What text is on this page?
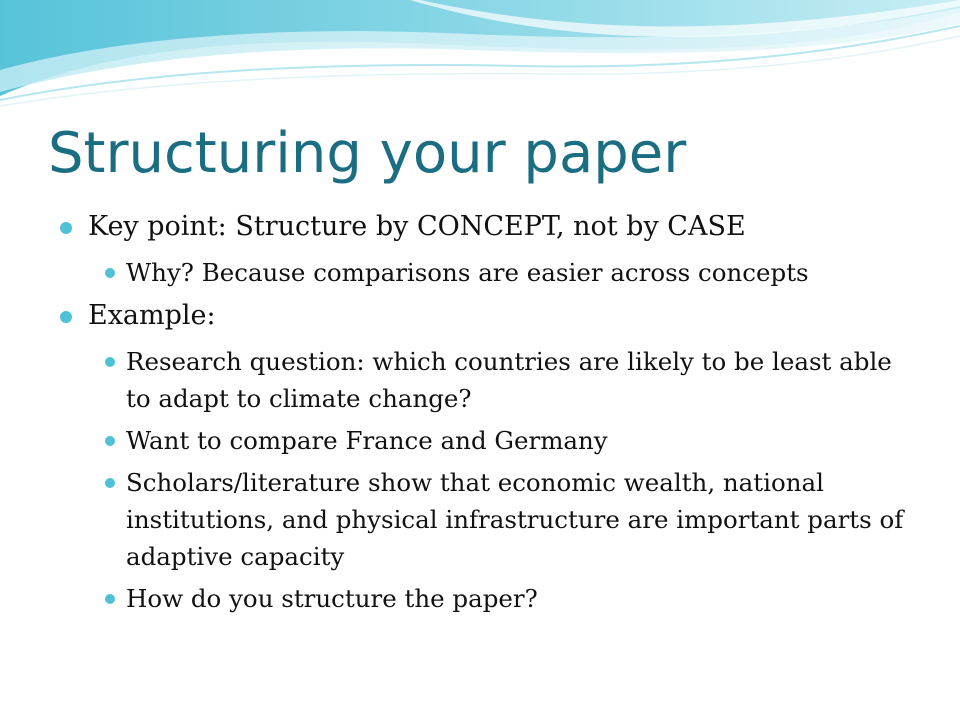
Structuring your paper
Key point: Structure by CONCEPT, not by CASE
Why? Because comparisons are easier across concepts
Example:
Research question: which countries are likely to be least able to adapt to climate change?
Want to compare France and Germany
Scholars/literature show that economic wealth, national institutions, and physical infrastructure are important parts of adaptive capacity
How do you structure the paper?
